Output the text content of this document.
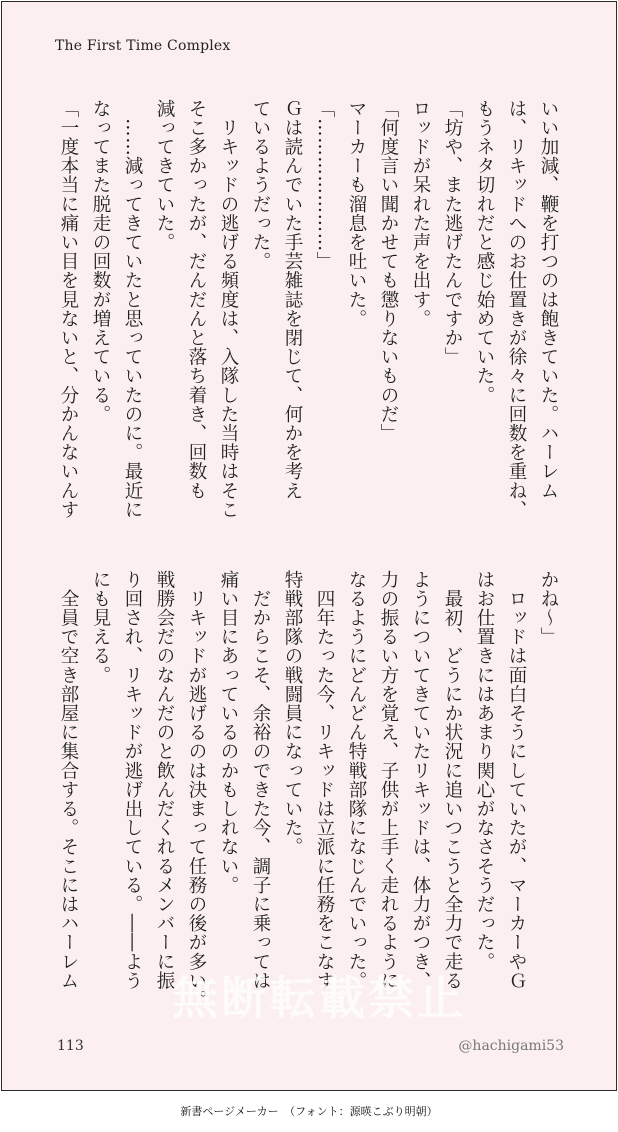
The First Time Complex
いい加減、鞭を打つのは飽きていた。ハーレム
は、リキッドへのお仕置きが徐々に回数を重ね、
もうネタ切れだと感じ始めていた。
「坊や、また逃げたんですか」
ロッドが呆れた声を出す。
「何度言い聞かせても懲りないものだ」
マーカーも溜息を吐いた。
「…………………」
Ｇは読んでいた手芸雑誌を閉じて、何かを考え
ているようだった。
　リキッドの逃げる頻度は、入隊した当時はそこ
そこ多かったが、だんだんと落ち着き、回数も
減ってきていた。
　……減ってきていたと思っていたのに。最近に
なってまた脱走の回数が増えている。
「一度本当に痛い目を見ないと、分かんないんす
かね～」
　ロッドは面白そうにしていたが、マーカーやＧ
はお仕置きにはあまり関心がなさそうだった。
　最初、どうにか状況に追いつこうと全力で走る
ようについてきていたリキッドは、体力がつき、
力の振るい方を覚え、子供が上手く走れるように
なるようにどんどん特戦部隊になじんでいった。
　四年たった今、リキッドは立派に任務をこなす
特戦部隊の戦闘員になっていた。
　だからこそ、余裕のできた今、調子に乗っては
痛い目にあっているのかもしれない。
　リキッドが逃げるのは決まって任務の後が多い。
戦勝会だのなんだのと飲んだくれるメンバーに振
り回され、リキッドが逃げ出している。――よう
にも見える。
　全員で空き部屋に集合する。そこにはハーレム
無断転載禁止
113	@hachigami53
新書ページメーカー　（フォント：源暎こぶり明朝）
